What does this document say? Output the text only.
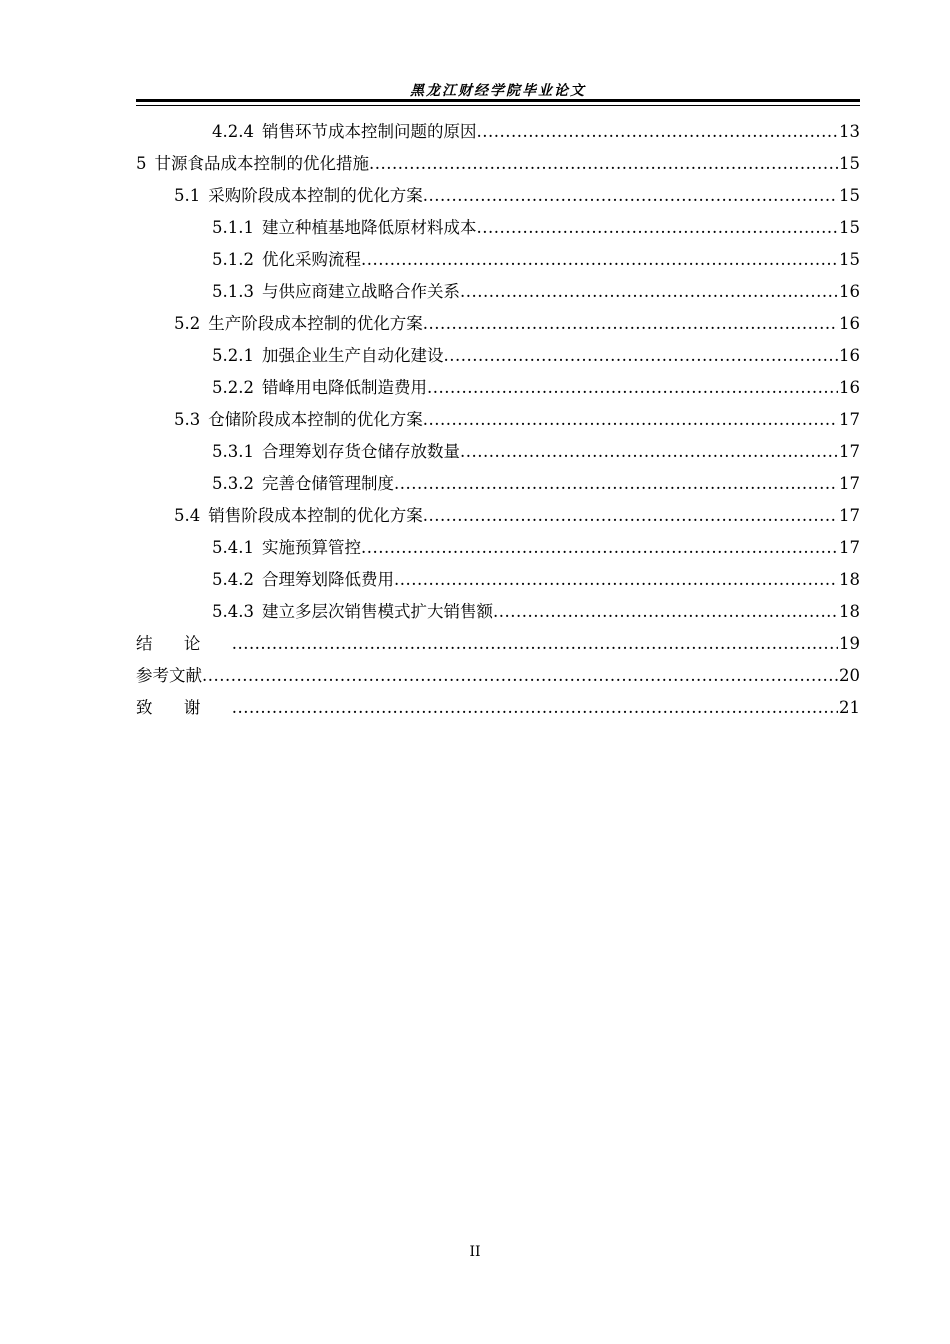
黑龙江财经学院毕业论文
4.2.4 销售环节成本控制问题的原因 .....	13
5 甘源食品成本控制的优化措施 .....	15
5.1 采购阶段成本控制的优化方案 .....	15
5.1.1 建立种植基地降低原材料成本 .....	15
5.1.2 优化采购流程 .....	15
5.1.3 与供应商建立战略合作关系 .....	16
5.2 生产阶段成本控制的优化方案 .....	16
5.2.1 加强企业生产自动化建设 .....	16
5.2.2 错峰用电降低制造费用 .....	16
5.3 仓储阶段成本控制的优化方案 .....	17
5.3.1 合理筹划存货仓储存放数量 .....	17
5.3.2 完善仓储管理制度 .....	17
5.4 销售阶段成本控制的优化方案 .....	17
5.4.1 实施预算管控 .....	17
5.4.2 合理筹划降低费用 .....	18
5.4.3 建立多层次销售模式扩大销售额 .....	18
结论 .....	19
参考文献 .....	20
致谢 .....	21
II
